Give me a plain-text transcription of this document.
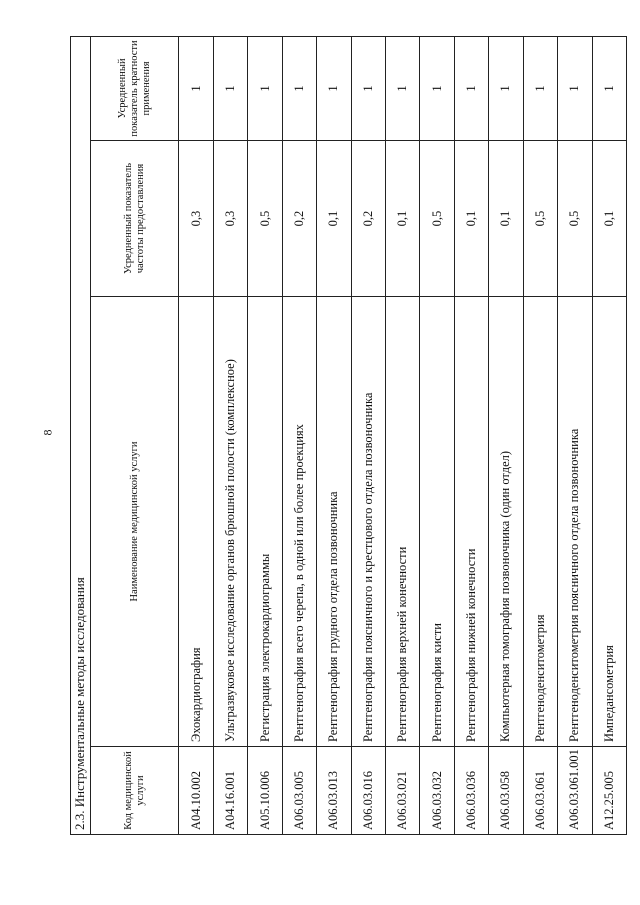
8
2.3. Инструментальные методы исследования			
Код медицинской услуги	Наименование медицинской услуги	Усредненный показатель частоты предоставления	Усредненный показатель кратности применения
A04.10.002	Эхокардиография	0,3	1
A04.16.001	Ультразвуковое исследование органов брюшной полости (комплексное)	0,3	1
A05.10.006	Регистрация электрокардиограммы	0,5	1
A06.03.005	Рентгенография всего черепа, в одной или более проекциях	0,2	1
A06.03.013	Рентгенография грудного отдела позвоночника	0,1	1
A06.03.016	Рентгенография поясничного и крестцового отдела позвоночника	0,2	1
A06.03.021	Рентгенография верхней конечности	0,1	1
A06.03.032	Рентгенография кисти	0,5	1
A06.03.036	Рентгенография нижней конечности	0,1	1
A06.03.058	Компьютерная томография позвоночника (один отдел)	0,1	1
A06.03.061	Рентгеноденситометрия	0,5	1
A06.03.061.001	Рентгеноденситометрия поясничного отдела позвоночника	0,5	1
A12.25.005	Импедансометрия	0,1	1
